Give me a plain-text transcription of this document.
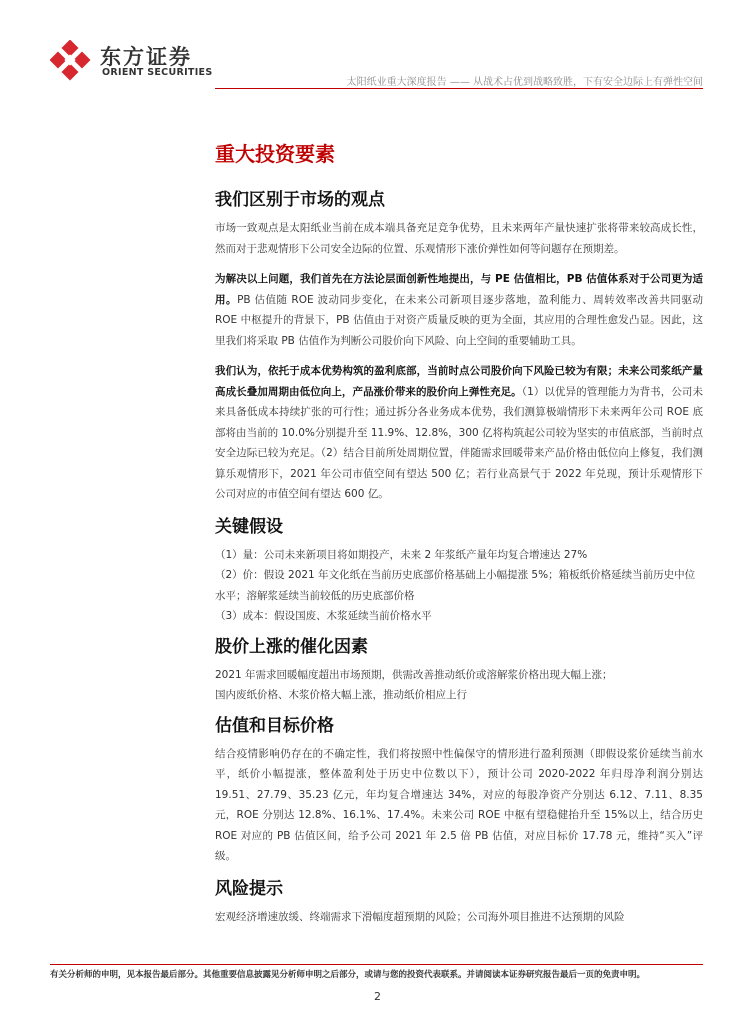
东方证券
ORIENT SECURITIES
太阳纸业重大深度报告 —— 从战术占优到战略致胜，下有安全边际上有弹性空间
重大投资要素
我们区别于市场的观点

市场一致观点是太阳纸业当前在成本端具备充足竞争优势，且未来两年产量快速扩张将带来较高成长性，然而对于悲观情形下公司安全边际的位置、乐观情形下涨价弹性如何等问题存在预期差。

为解决以上问题，我们首先在方法论层面创新性地提出，与 PE 估值相比，PB 估值体系对于公司更为适用。PB 估值随 ROE 波动同步变化，在未来公司新项目逐步落地，盈利能力、周转效率改善共同驱动 ROE 中枢提升的背景下，PB 估值由于对资产质量反映的更为全面，其应用的合理性愈发凸显。因此，这里我们将采取 PB 估值作为判断公司股价向下风险、向上空间的重要辅助工具。

我们认为，依托于成本优势构筑的盈利底部，当前时点公司股价向下风险已较为有限；未来公司浆纸产量高成长叠加周期由低位向上，产品涨价带来的股价向上弹性充足。（1）以优异的管理能力为背书，公司未来具备低成本持续扩张的可行性；通过拆分各业务成本优势，我们测算极端情形下未来两年公司 ROE 底部将由当前的 10.0%分别提升至 11.9%、12.8%，300 亿将构筑起公司较为坚实的市值底部，当前时点安全边际已较为充足。（2）结合目前所处周期位置，伴随需求回暖带来产品价格由低位向上修复，我们测算乐观情形下，2021 年公司市值空间有望达 500 亿；若行业高景气于 2022 年兑现，预计乐观情形下公司对应的市值空间有望达 600 亿。

关键假设
（1）量：公司未来新项目将如期投产，未来 2 年浆纸产量年均复合增速达 27%
（2）价：假设 2021 年文化纸在当前历史底部价格基础上小幅提涨 5%；箱板纸价格延续当前历史中位水平；溶解浆延续当前较低的历史底部价格
（3）成本：假设国废、木浆延续当前价格水平
股价上涨的催化因素
2021 年需求回暖幅度超出市场预期，供需改善推动纸价或溶解浆价格出现大幅上涨；
国内废纸价格、木浆价格大幅上涨，推动纸价相应上行
估值和目标价格

结合疫情影响仍存在的不确定性，我们将按照中性偏保守的情形进行盈利预测（即假设浆价延续当前水平，纸价小幅提涨，整体盈利处于历史中位数以下），预计公司 2020-2022 年归母净利润分别达 19.51、27.79、35.23 亿元，年均复合增速达 34%，对应的每股净资产分别达 6.12、7.11、8.35 元，ROE 分别达 12.8%、16.1%、17.4%。未来公司 ROE 中枢有望稳健抬升至 15%以上，结合历史 ROE 对应的 PB 估值区间，给予公司 2021 年 2.5 倍 PB 估值，对应目标价 17.78 元，维持“买入”评级。

风险提示

宏观经济增速放缓、终端需求下滑幅度超预期的风险；公司海外项目推进不达预期的风险

有关分析师的申明，见本报告最后部分。其他重要信息披露见分析师申明之后部分，或请与您的投资代表联系。并请阅读本证券研究报告最后一页的免责申明。
2
